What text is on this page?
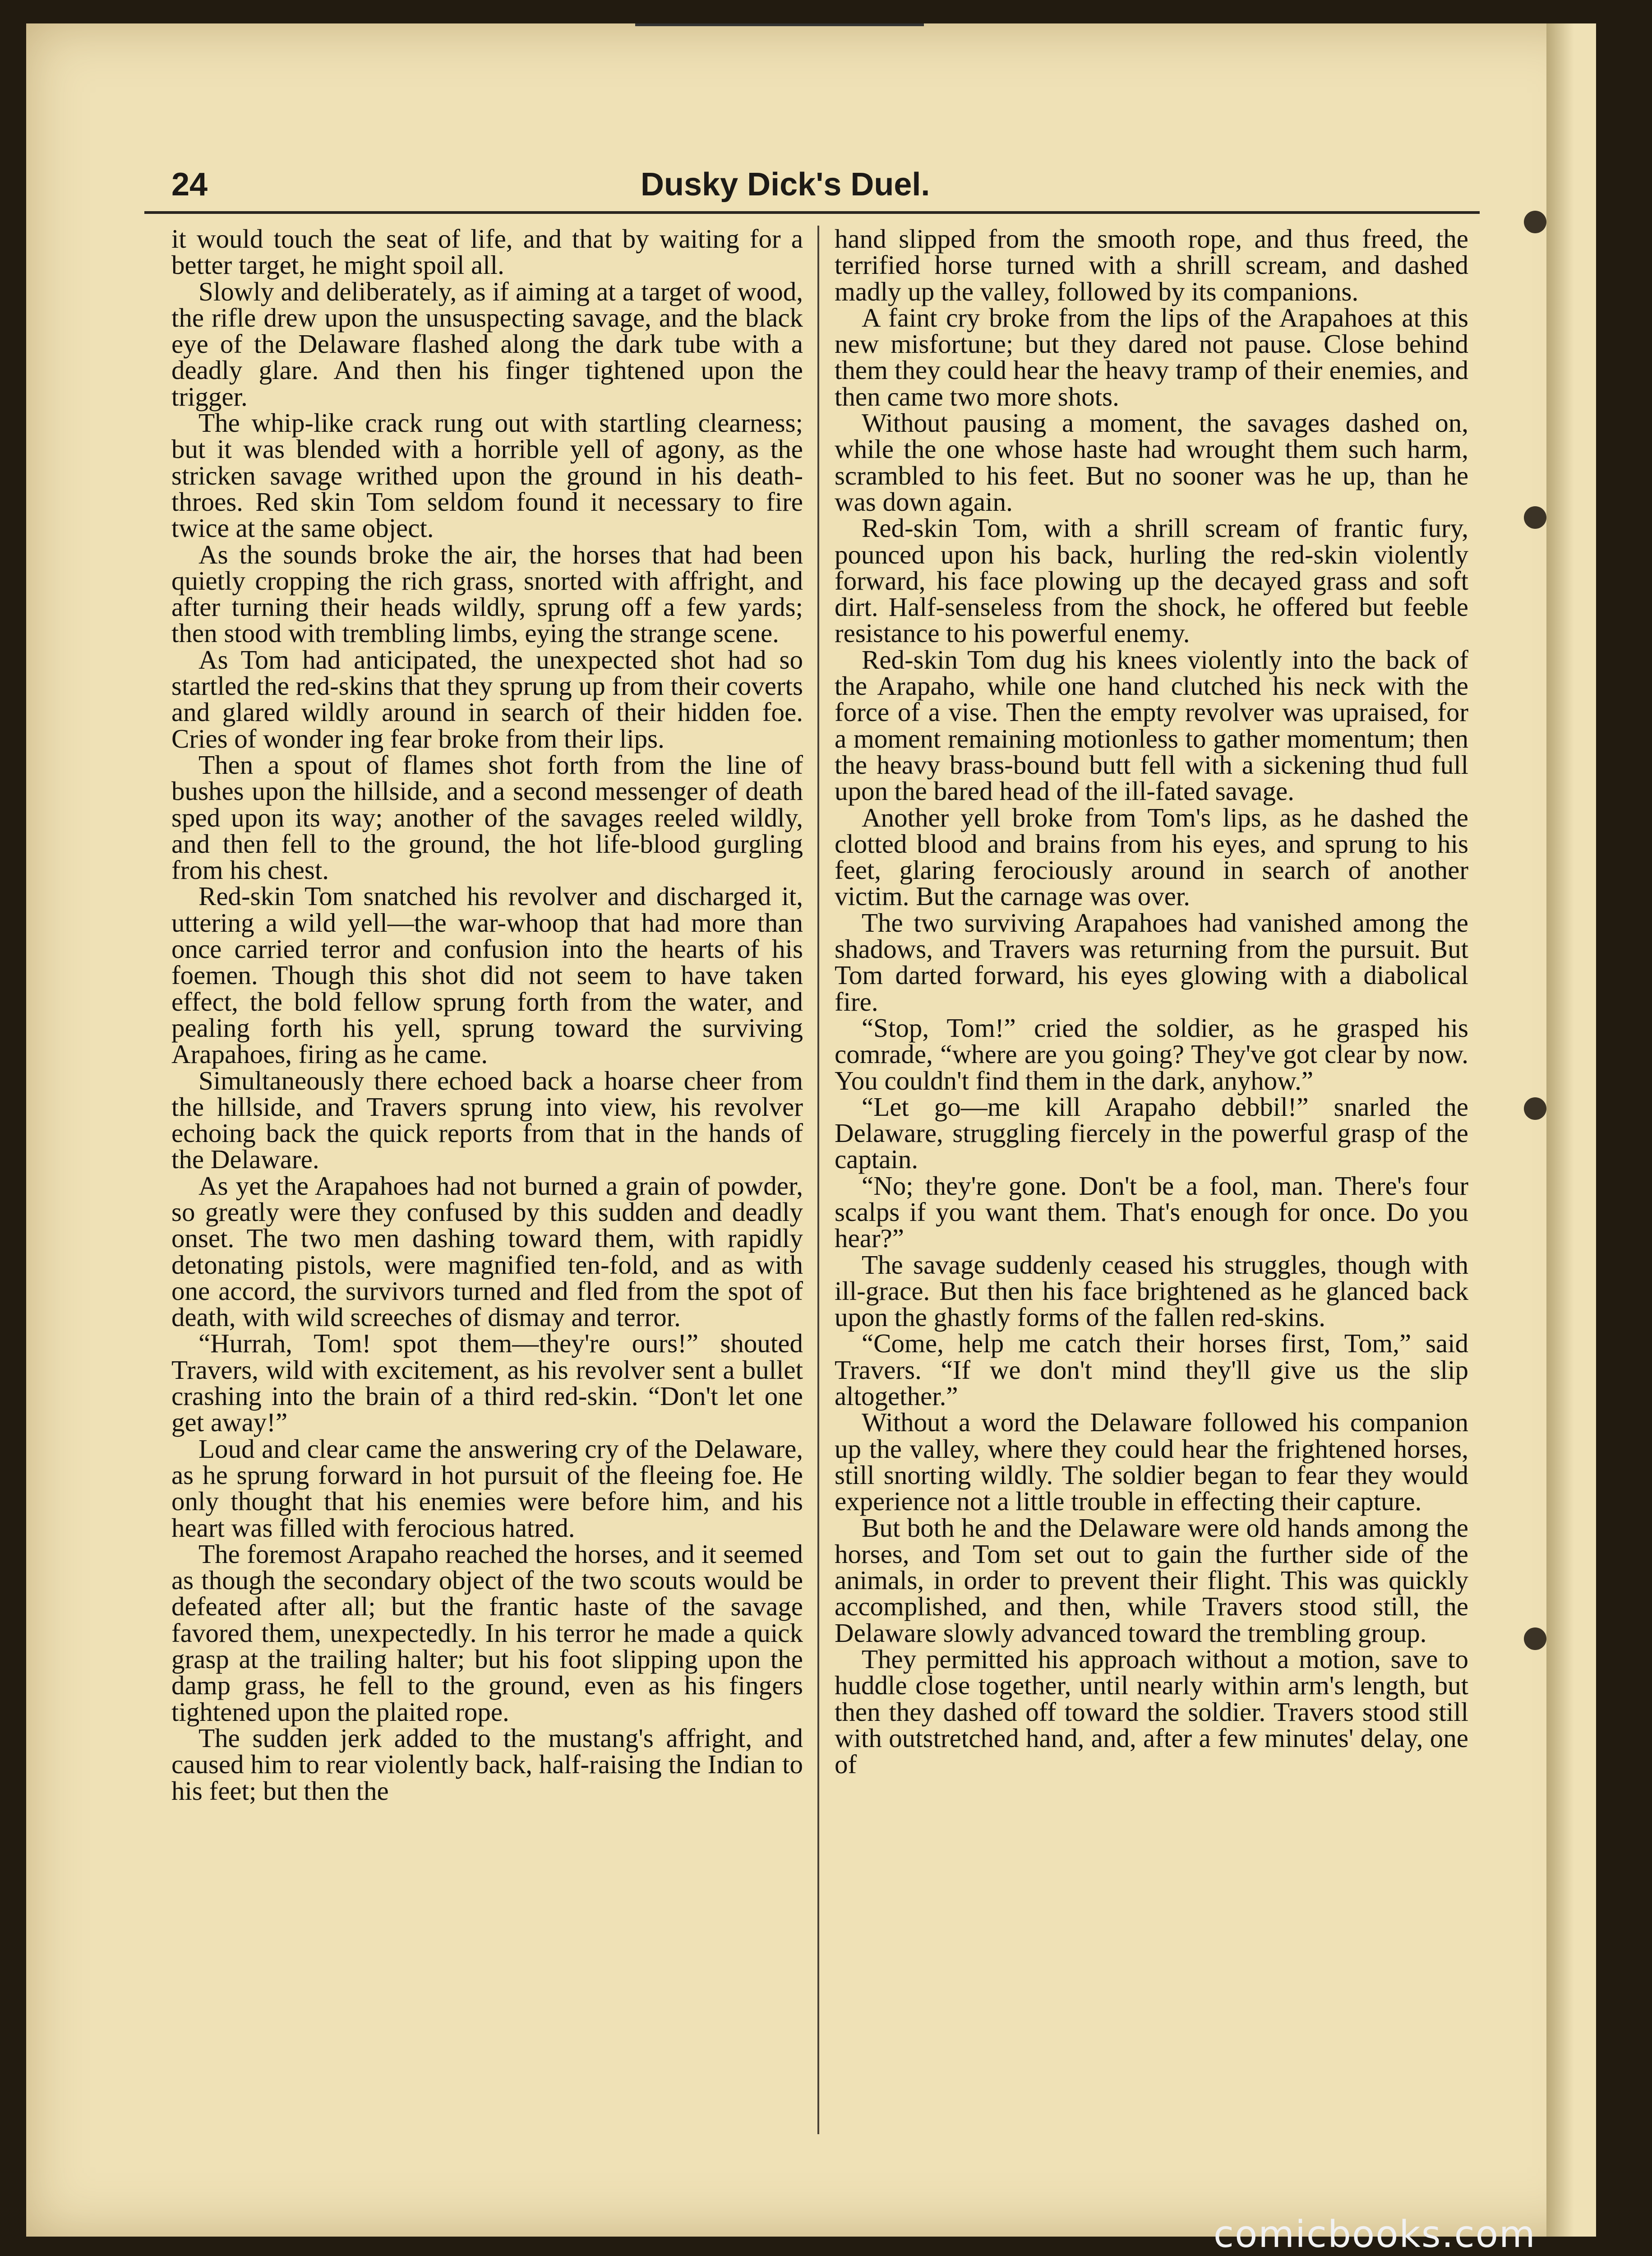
24	Dusky Dick's Duel.

it would touch the seat of life, and that by waiting for a better target, he might spoil all.

Slowly and deliberately, as if aiming at a target of wood, the rifle drew upon the unsuspecting savage, and the black eye of the Delaware flashed along the dark tube with a deadly glare. And then his finger tightened upon the trigger.

The whip-like crack rung out with startling clearness; but it was blended with a horrible yell of agony, as the stricken savage writhed upon the ground in his death-throes. Red skin Tom seldom found it necessary to fire twice at the same object.

As the sounds broke the air, the horses that had been quietly cropping the rich grass, snorted with affright, and after turning their heads wildly, sprung off a few yards; then stood with trembling limbs, eying the strange scene.

As Tom had anticipated, the unexpected shot had so startled the red-skins that they sprung up from their coverts and glared wildly around in search of their hidden foe. Cries of wonder ing fear broke from their lips.

Then a spout of flames shot forth from the line of bushes upon the hillside, and a second messenger of death sped upon its way; another of the savages reeled wildly, and then fell to the ground, the hot life-blood gurgling from his chest.

Red-skin Tom snatched his revolver and discharged it, uttering a wild yell—the war-whoop that had more than once carried terror and confusion into the hearts of his foemen. Though this shot did not seem to have taken effect, the bold fellow sprung forth from the water, and pealing forth his yell, sprung toward the surviving Arapahoes, firing as he came.

Simultaneously there echoed back a hoarse cheer from the hillside, and Travers sprung into view, his revolver echoing back the quick reports from that in the hands of the Delaware.

As yet the Arapahoes had not burned a grain of powder, so greatly were they confused by this sudden and deadly onset. The two men dashing toward them, with rapidly detonating pistols, were magnified ten-fold, and as with one accord, the survivors turned and fled from the spot of death, with wild screeches of dismay and terror.

“Hurrah, Tom! spot them—they're ours!” shouted Travers, wild with excitement, as his revolver sent a bullet crashing into the brain of a third red-skin. “Don't let one get away!”

Loud and clear came the answering cry of the Delaware, as he sprung forward in hot pursuit of the fleeing foe. He only thought that his enemies were before him, and his heart was filled with ferocious hatred.

The foremost Arapaho reached the horses, and it seemed as though the secondary object of the two scouts would be defeated after all; but the frantic haste of the savage favored them, unexpectedly. In his terror he made a quick grasp at the trailing halter; but his foot slipping upon the damp grass, he fell to the ground, even as his fingers tightened upon the plaited rope.

The sudden jerk added to the mustang's affright, and caused him to rear violently back, half-raising the Indian to his feet; but then the

hand slipped from the smooth rope, and thus freed, the terrified horse turned with a shrill scream, and dashed madly up the valley, followed by its companions.

A faint cry broke from the lips of the Arapahoes at this new misfortune; but they dared not pause. Close behind them they could hear the heavy tramp of their enemies, and then came two more shots.

Without pausing a moment, the savages dashed on, while the one whose haste had wrought them such harm, scrambled to his feet. But no sooner was he up, than he was down again.

Red-skin Tom, with a shrill scream of frantic fury, pounced upon his back, hurling the red-skin violently forward, his face plowing up the decayed grass and soft dirt. Half-senseless from the shock, he offered but feeble resistance to his powerful enemy.

Red-skin Tom dug his knees violently into the back of the Arapaho, while one hand clutched his neck with the force of a vise. Then the empty revolver was upraised, for a moment remaining motionless to gather momentum; then the heavy brass-bound butt fell with a sickening thud full upon the bared head of the ill-fated savage.

Another yell broke from Tom's lips, as he dashed the clotted blood and brains from his eyes, and sprung to his feet, glaring ferociously around in search of another victim. But the carnage was over.

The two surviving Arapahoes had vanished among the shadows, and Travers was returning from the pursuit. But Tom darted forward, his eyes glowing with a diabolical fire.

“Stop, Tom!” cried the soldier, as he grasped his comrade, “where are you going? They've got clear by now. You couldn't find them in the dark, anyhow.”

“Let go—me kill Arapaho debbil!” snarled the Delaware, struggling fiercely in the powerful grasp of the captain.

“No; they're gone. Don't be a fool, man. There's four scalps if you want them. That's enough for once. Do you hear?”

The savage suddenly ceased his struggles, though with ill-grace. But then his face brightened as he glanced back upon the ghastly forms of the fallen red-skins.

“Come, help me catch their horses first, Tom,” said Travers. “If we don't mind they'll give us the slip altogether.”

Without a word the Delaware followed his companion up the valley, where they could hear the frightened horses, still snorting wildly. The soldier began to fear they would experience not a little trouble in effecting their capture.

But both he and the Delaware were old hands among the horses, and Tom set out to gain the further side of the animals, in order to prevent their flight. This was quickly accomplished, and then, while Travers stood still, the Delaware slowly advanced toward the trembling group.

They permitted his approach without a motion, save to huddle close together, until nearly within arm's length, but then they dashed off toward the soldier. Travers stood still with outstretched hand, and, after a few minutes' delay, one of

comicbooks.com
